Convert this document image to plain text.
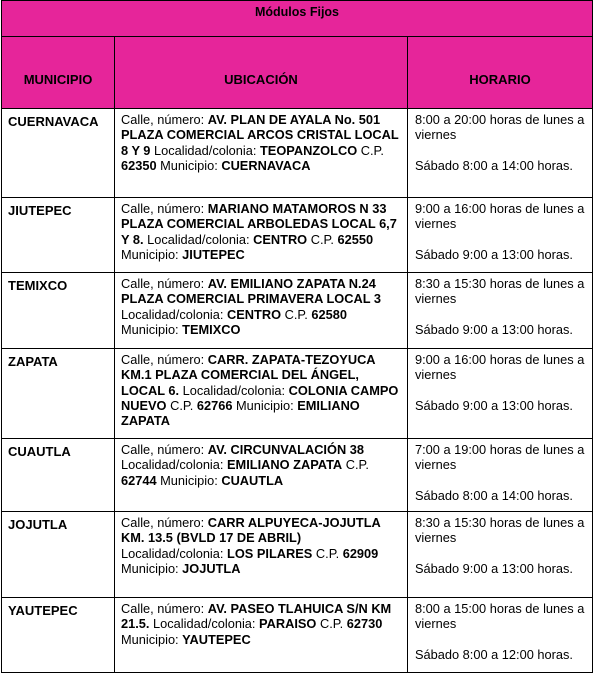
Módulos Fijos		
MUNICIPIO	UBICACIÓN	HORARIO
CUERNAVACA	Calle, número: AV. PLAN DE AYALA No. 501 PLAZA COMERCIAL ARCOS CRISTAL LOCAL 8 Y 9 Localidad/colonia: TEOPANZOLCO C.P. 62350 Municipio: CUERNAVACA	8:00 a 20:00 horas de lunes a viernes
Sábado 8:00 a 14:00 horas.

JIUTEPEC	Calle, número: MARIANO MATAMOROS N 33 PLAZA COMERCIAL ARBOLEDAS LOCAL 6,7 Y 8. Localidad/colonia: CENTRO C.P. 62550 Municipio: JIUTEPEC	9:00 a 16:00 horas de lunes a viernes
Sábado 9:00 a 13:00 horas.

TEMIXCO	Calle, número: AV. EMILIANO ZAPATA N.24 PLAZA COMERCIAL PRIMAVERA LOCAL 3 Localidad/colonia: CENTRO C.P. 62580 Municipio: TEMIXCO	8:30 a 15:30 horas de lunes a viernes
Sábado 9:00 a 13:00 horas.

ZAPATA	Calle, número: CARR. ZAPATA-TEZOYUCA KM.1 PLAZA COMERCIAL DEL ÁNGEL, LOCAL 6. Localidad/colonia: COLONIA CAMPO NUEVO C.P. 62766 Municipio: EMILIANO ZAPATA	9:00 a 16:00 horas de lunes a viernes
Sábado 9:00 a 13:00 horas.

CUAUTLA	Calle, número: AV. CIRCUNVALACIÓN 38 Localidad/colonia: EMILIANO ZAPATA C.P. 62744 Municipio: CUAUTLA	7:00 a 19:00 horas de lunes a viernes
Sábado 8:00 a 14:00 horas.

JOJUTLA	Calle, número: CARR ALPUYECA-JOJUTLA KM. 13.5 (BVLD 17 DE ABRIL) Localidad/colonia: LOS PILARES C.P. 62909 Municipio: JOJUTLA	8:30 a 15:30 horas de lunes a viernes
Sábado 9:00 a 13:00 horas.

YAUTEPEC	Calle, número: AV. PASEO TLAHUICA S/N KM 21.5. Localidad/colonia: PARAISO C.P. 62730 Municipio: YAUTEPEC	8:00 a 15:00 horas de lunes a viernes
Sábado 8:00 a 12:00 horas.
